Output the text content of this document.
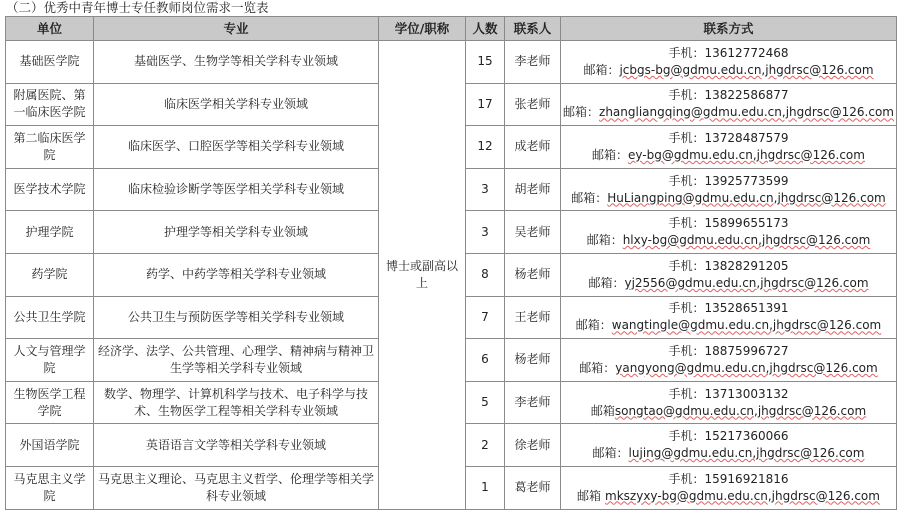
（二）优秀中青年博士专任教师岗位需求一览表
单位	专业	学位/职称	人数	联系人	联系方式
基础医学院	基础医学、生物学等相关学科专业领域	博士或副高以上	15	李老师	手机：13612772468
邮箱：jcbgs-bg@gdmu.edu.cn,jhgdrsc@126.com

附属医院、第一临床医学院	临床医学相关学科专业领域		17	张老师	手机：13822586877
邮箱：zhangliangqing@gdmu.edu.cn,jhgdrsc@126.com

第二临床医学院	临床医学、口腔医学等相关学科专业领域		12	成老师	手机：13728487579
邮箱：ey-bg@gdmu.edu.cn,jhgdrsc@126.com

医学技术学院	临床检验诊断学等医学相关学科专业领域		3	胡老师	手机：13925773599
邮箱：HuLiangping@gdmu.edu.cn,jhgdrsc@126.com

护理学院	护理学等相关学科专业领域		3	吴老师	手机：15899655173
邮箱：hlxy-bg@gdmu.edu.cn,jhgdrsc@126.com

药学院	药学、中药学等相关学科专业领域		8	杨老师	手机：13828291205
邮箱：yj2556@gdmu.edu.cn,jhgdrsc@126.com

公共卫生学院	公共卫生与预防医学等相关学科专业领域		7	王老师	手机：13528651391
邮箱：wangtingle@gdmu.edu.cn,jhgdrsc@126.com

人文与管理学院	经济学、法学、公共管理、心理学、精神病与精神卫生学等相关学科专业领域		6	杨老师	手机：18875996727
邮箱：yangyong@gdmu.edu.cn,jhgdrsc@126.com

生物医学工程学院	数学、物理学、计算机科学与技术、电子科学与技术、生物医学工程等相关学科专业领域		5	李老师	手机：13713003132
邮箱songtao@gdmu.edu.cn,jhgdrsc@126.com

外国语学院	英语语言文学等相关学科专业领域		2	徐老师	手机：15217360066
邮箱：lujing@gdmu.edu.cn,jhgdrsc@126.com

马克思主义学院	马克思主义理论、马克思主义哲学、伦理学等相关学科专业领域		1	葛老师	手机：15916921816
邮箱 mkszyxy-bg@gdmu.edu.cn,jhgdrsc@126.com
